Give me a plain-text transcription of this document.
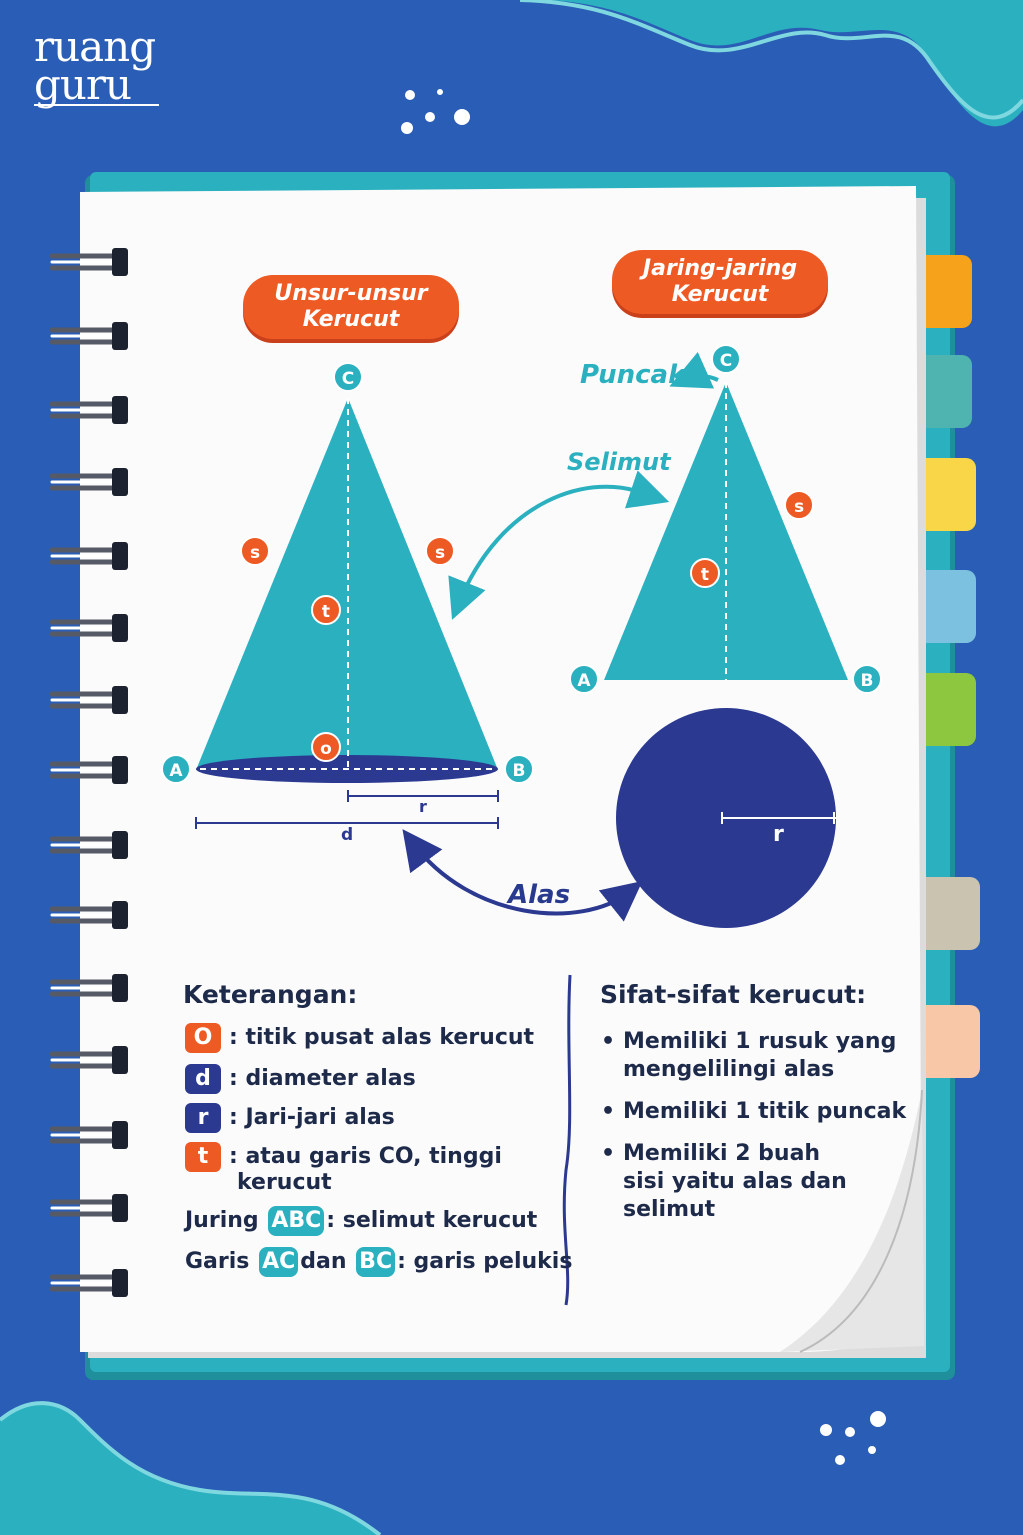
ruang
guru
Unsur-unsur
Kerucut
Jaring-jaring
Kerucut
C
A	B
o
s	s
t
C
A	B
s
t
Puncak
Selimut
Alas
r
d	r
Keterangan:
O : titik pusat alas kerucut
d : diameter alas
r : Jari-jari alas
t : atau garis CO, tinggi
kerucut
Juring ABC : selimut kerucut
Garis AC dan BC : garis pelukis
Sifat-sifat kerucut:
• Memiliki 1 rusuk yang
mengelilingi alas
• Memiliki 1 titik puncak
• Memiliki 2 buah
sisi yaitu alas dan
selimut
